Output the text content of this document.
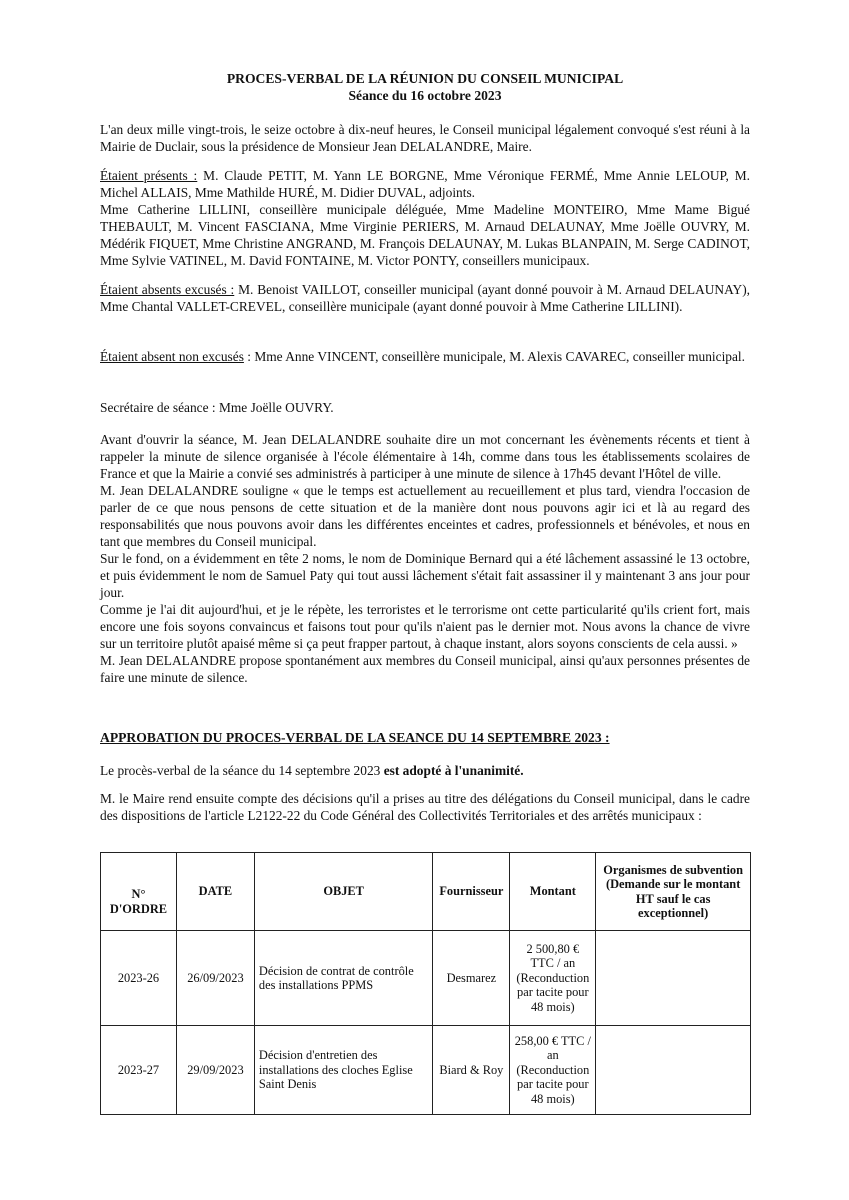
PROCES-VERBAL DE LA RÉUNION DU CONSEIL MUNICIPAL
Séance du 16 octobre 2023
L'an deux mille vingt-trois, le seize octobre à dix-neuf heures, le Conseil municipal légalement convoqué s'est réuni à la Mairie de Duclair, sous la présidence de Monsieur Jean DELALANDRE, Maire.
Étaient présents : M. Claude PETIT, M. Yann LE BORGNE, Mme Véronique FERMÉ, Mme Annie LELOUP, M. Michel ALLAIS, Mme Mathilde HURÉ, M. Didier DUVAL, adjoints.
Mme Catherine LILLINI, conseillère municipale déléguée, Mme Madeline MONTEIRO, Mme Mame Bigué THEBAULT, M. Vincent FASCIANA, Mme Virginie PERIERS, M. Arnaud DELAUNAY, Mme Joëlle OUVRY, M. Médérik FIQUET, Mme Christine ANGRAND, M. François DELAUNAY, M. Lukas BLANPAIN, M. Serge CADINOT, Mme Sylvie VATINEL, M. David FONTAINE, M. Victor PONTY, conseillers municipaux.
Étaient absents excusés : M. Benoist VAILLOT, conseiller municipal (ayant donné pouvoir à M. Arnaud DELAUNAY), Mme Chantal VALLET-CREVEL, conseillère municipale (ayant donné pouvoir à Mme Catherine LILLINI).
Étaient absent non excusés : Mme Anne VINCENT, conseillère municipale, M. Alexis CAVAREC, conseiller municipal.
Secrétaire de séance : Mme Joëlle OUVRY.
Avant d'ouvrir la séance, M. Jean DELALANDRE souhaite dire un mot concernant les évènements récents et tient à rappeler la minute de silence organisée à l'école élémentaire à 14h, comme dans tous les établissements scolaires de France et que la Mairie a convié ses administrés à participer à une minute de silence à 17h45 devant l'Hôtel de ville.
M. Jean DELALANDRE souligne « que le temps est actuellement au recueillement et plus tard, viendra l'occasion de parler de ce que nous pensons de cette situation et de la manière dont nous pouvons agir ici et là au regard des responsabilités que nous pouvons avoir dans les différentes enceintes et cadres, professionnels et bénévoles, et nous en tant que membres du Conseil municipal.
Sur le fond, on a évidemment en tête 2 noms, le nom de Dominique Bernard qui a été lâchement assassiné le 13 octobre, et puis évidemment le nom de Samuel Paty qui tout aussi lâchement s'était fait assassiner il y maintenant 3 ans jour pour jour.
Comme je l'ai dit aujourd'hui, et je le répète, les terroristes et le terrorisme ont cette particularité qu'ils crient fort, mais encore une fois soyons convaincus et faisons tout pour qu'ils n'aient pas le dernier mot. Nous avons la chance de vivre sur un territoire plutôt apaisé même si ça peut frapper partout, à chaque instant, alors soyons conscients de cela aussi. »
M. Jean DELALANDRE propose spontanément aux membres du Conseil municipal, ainsi qu'aux personnes présentes de faire une minute de silence.
APPROBATION DU PROCES-VERBAL DE LA SEANCE DU 14 SEPTEMBRE 2023 :
Le procès-verbal de la séance du 14 septembre 2023 est adopté à l'unanimité.
M. le Maire rend ensuite compte des décisions qu'il a prises au titre des délégations du Conseil municipal, dans le cadre des dispositions de l'article L2122-22 du Code Général des Collectivités Territoriales et des arrêtés municipaux :
N° D'ORDRE	DATE	OBJET	Fournisseur	Montant	Organismes de subvention (Demande sur le montant HT sauf le cas exceptionnel)
2023-26	26/09/2023	Décision de contrat de contrôle des installations PPMS	Desmarez	2 500,80 € TTC / an (Reconduction par tacite pour 48 mois)	
2023-27	29/09/2023	Décision d'entretien des installations des cloches Eglise Saint Denis	Biard & Roy	258,00 € TTC / an (Reconduction par tacite pour 48 mois)	
